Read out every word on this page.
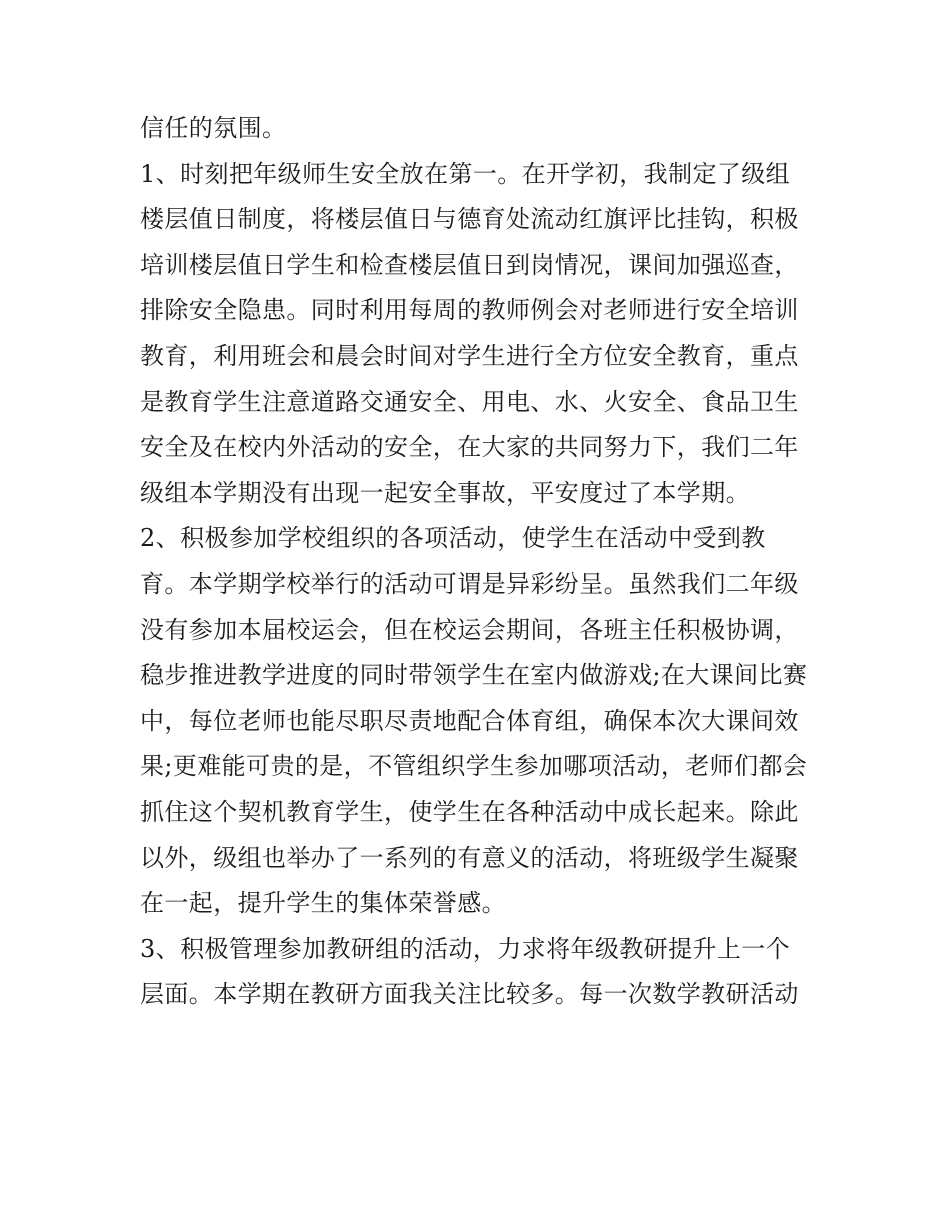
信任的氛围。

1、时刻把年级师生安全放在第一。在开学初，我制定了级组楼层值日制度，将楼层值日与德育处流动红旗评比挂钩，积极培训楼层值日学生和检查楼层值日到岗情况，课间加强巡查，排除安全隐患。同时利用每周的教师例会对老师进行安全培训教育，利用班会和晨会时间对学生进行全方位安全教育，重点是教育学生注意道路交通安全、用电、水、火安全、食品卫生安全及在校内外活动的安全，在大家的共同努力下，我们二年级组本学期没有出现一起安全事故，平安度过了本学期。

2、积极参加学校组织的各项活动，使学生在活动中受到教育。本学期学校举行的活动可谓是异彩纷呈。虽然我们二年级没有参加本届校运会，但在校运会期间，各班主任积极协调，稳步推进教学进度的同时带领学生在室内做游戏;在大课间比赛中，每位老师也能尽职尽责地配合体育组，确保本次大课间效果;更难能可贵的是，不管组织学生参加哪项活动，老师们都会抓住这个契机教育学生，使学生在各种活动中成长起来。除此以外，级组也举办了一系列的有意义的活动，将班级学生凝聚在一起，提升学生的集体荣誉感。

3、积极管理参加教研组的活动，力求将年级教研提升上一个层面。本学期在教研方面我关注比较多。每一次数学教研活动
